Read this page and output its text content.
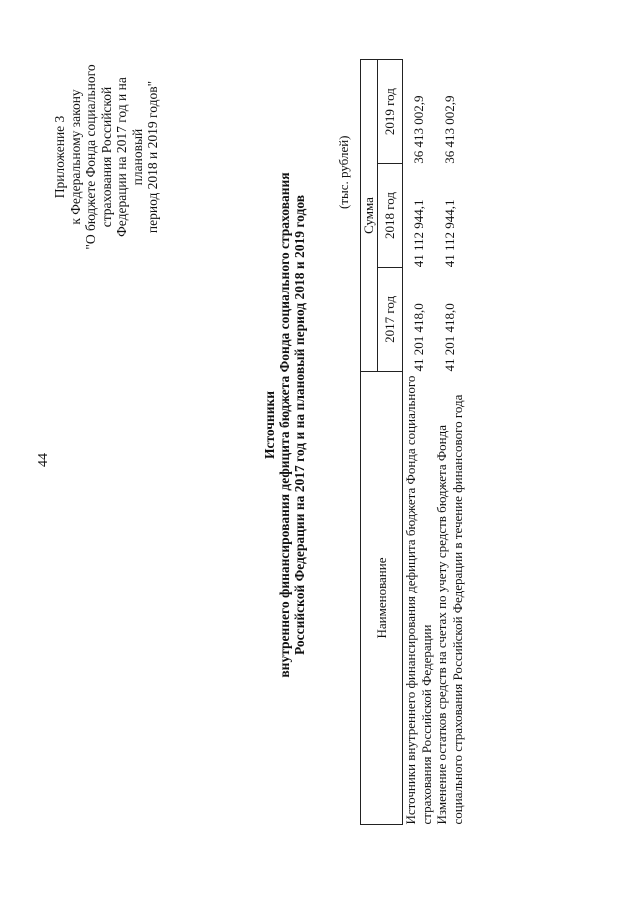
44
Приложение 3 к Федеральному закону "О бюджете Фонда социального страхования Российской Федерации на 2017 год и на плановый период 2018 и 2019 годов"
Источники внутреннего финансирования дефицита бюджета Фонда социального страхования Российской Федерации на 2017 год и на плановый период 2018 и 2019 годов
(тыс. рублей)
Наименование	Сумма		
	2017 год	2018 год	2019 год
Источники внутреннего финансирования дефицита бюджета Фонда социального страхования Российской Федерации	41 201 418,0	41 112 944,1	36 413 002,9
Изменение остатков средств на счетах по учету средств бюджета Фонда социального страхования Российской Федерации в течение финансового года	41 201 418,0	41 112 944,1	36 413 002,9
